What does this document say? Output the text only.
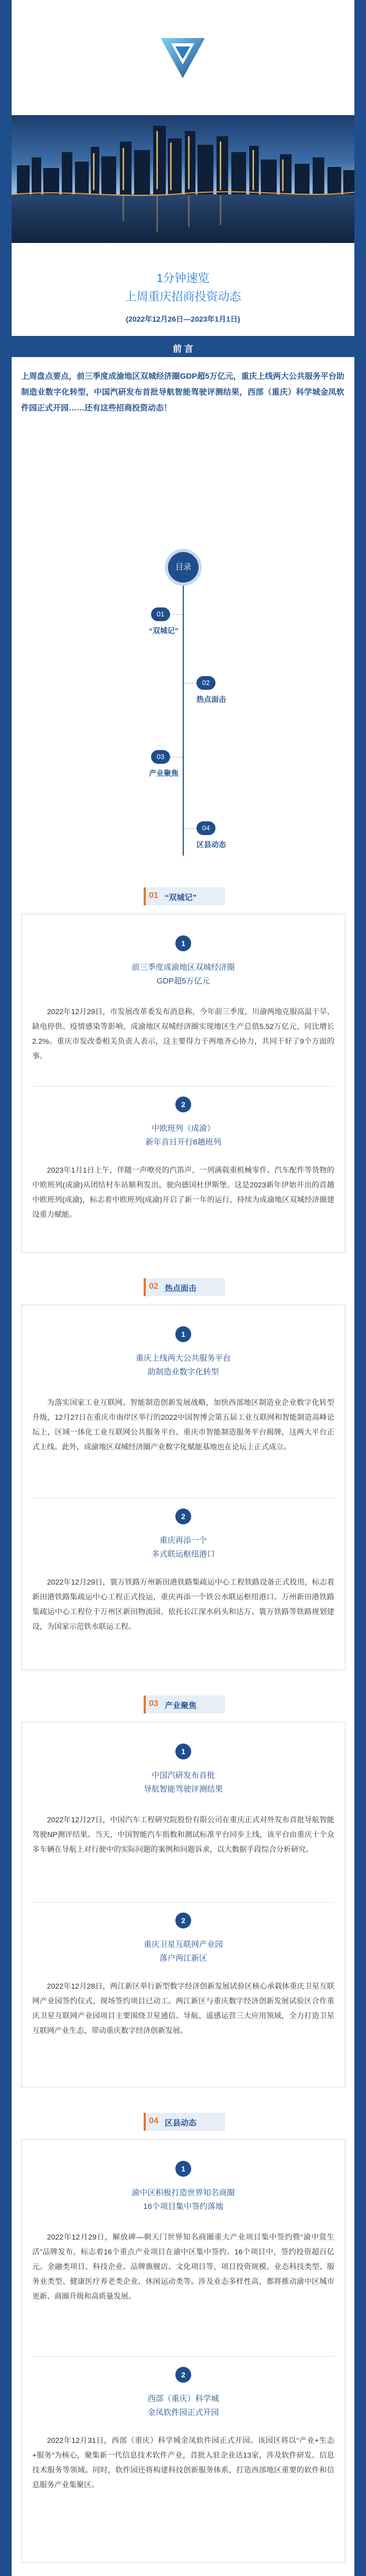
1分钟速览
上周重庆招商投资动态
(2022年12月26日—2023年1月1日)
前 言
上周盘点要点，前三季度成渝地区双城经济圈GDP超5万亿元，重庆上线两大公共服务平台助制造业数字化转型，中国汽研发布首批导航智能驾驶评测结果，西部（重庆）科学城金凤软件园正式开园……还有这些招商投资动态！
目录
01
“双城记”
02
热点面击
03
产业聚焦
04
区县动态
01 “双城记”
1
前三季度成渝地区双城经济圈
GDP超5万亿元
2022年12月29日，市发展改革委发布消息称，今年前三季度，川渝两地克服高温干旱、缺电停供、疫情感染等影响，成渝地区双城经济圈实现地区生产总值5.52万亿元，同比增长2.2%。重庆市发改委相关负责人表示，这主要得力于两地齐心协力，共同干好了9个方面的事。
2
中欧班列（成渝）
新年首日开行6趟班列
2023年1月1日上午，伴随一声嘹亮的汽笛声，一列满载重机械零件、汽车配件等货物的中欧班列(成渝)从团结村车站顺利发出，驶向德国杜伊斯堡。这是2023新年伊始开出的首趟中欧班列(成渝)，标志着中欧班列(成渝)开启了新一年的运行，持续为成渝地区双城经济圈建设重力赋能。
02 热点面击
1
重庆上线两大公共服务平台
助制造业数字化转型
为落实国家工业互联网、智能制造创新发展战略，加快西部地区制造业企业数字化转型升级，12月27日在重庆市南岸区举行的2022中国智博会第五届工业互联网和智能制造高峰论坛上，区域一体化工业互联网公共服务平台、重庆市智能制造服务平台揭牌，这两大平台正式上线。此外，成渝地区双城经济圈产业数字化赋能基地也在论坛上正式成立。
2
重庆再添一个
多式联运枢纽港口
2022年12月29日，寰万铁路万州新田港铁路集疏运中心工程铁路设备正式投用，标志着新田港铁路集疏运中心工程正式投运，重庆再添一个铁公水联运枢纽港口。万州新田港铁路集疏运中心工程位于万州区新田物流园，依托长江深水码头和达万、寰万铁路等铁路规划建设，为国家示范铁水联运工程。
03 产业聚焦
1
中国汽研发布首批
导航智能驾驶评测结果
2022年12月27日，中国汽车工程研究院股份有限公司在重庆正式对外发布首批导航智能驾驶NP测评结果。当天，中国智能汽车指数和测试标准平台同步上线，该平台由重庆十个众多车辆在导航上对行驶中的实际问题的案例和问题诉求，以大数据手段综合分析研究。
2
重庆卫星互联网产业园
落户两江新区
2022年12月28日，两江新区举行新型数字经济创新发展试验区核心承载体重庆卫星互联网产业园签约仪式，现场签约项目已动工。两江新区与重庆数字经济创新发展试验区合作重庆卫星互联网产业园项目主要围绕卫星通信、导航、遥感运营三大应用领域，全力打造卫星互联网产业生态，带动重庆数字经济创新发展。
04 区县动态
1
渝中区积极打造世界知名商圈
16个项目集中签约落地
2022年12月29日，解放碑—朝天门世界知名商圈重大产业项目集中签约暨“渝中赏生活”品牌发布，标志着16个重点产业项目在渝中区集中签约。16个项目中，签约投资超百亿元。金融类项目、科技企业、品牌旗舰店、文化项目等，项目投资规模、业态科技类型、服务业类型、健康医疗养老类企业、休闲运动类等。涉及业态多样性高，都将推动渝中区城市更新、商圈升级和高质量发展。
2
西部（重庆）科学城
金凤软件园正式开园
2022年12月31日，西部（重庆）科学城金凤软件园正式开园。该园区将以“产业+生态+服务”为核心，聚集新一代信息技术软件产业，首批入驻企业达13家，涉及软件研发、信息技术服务等领域。同时，软件园还将构建科技创新服务体系，打造西部地区重要的软件和信息服务产业集聚区。
